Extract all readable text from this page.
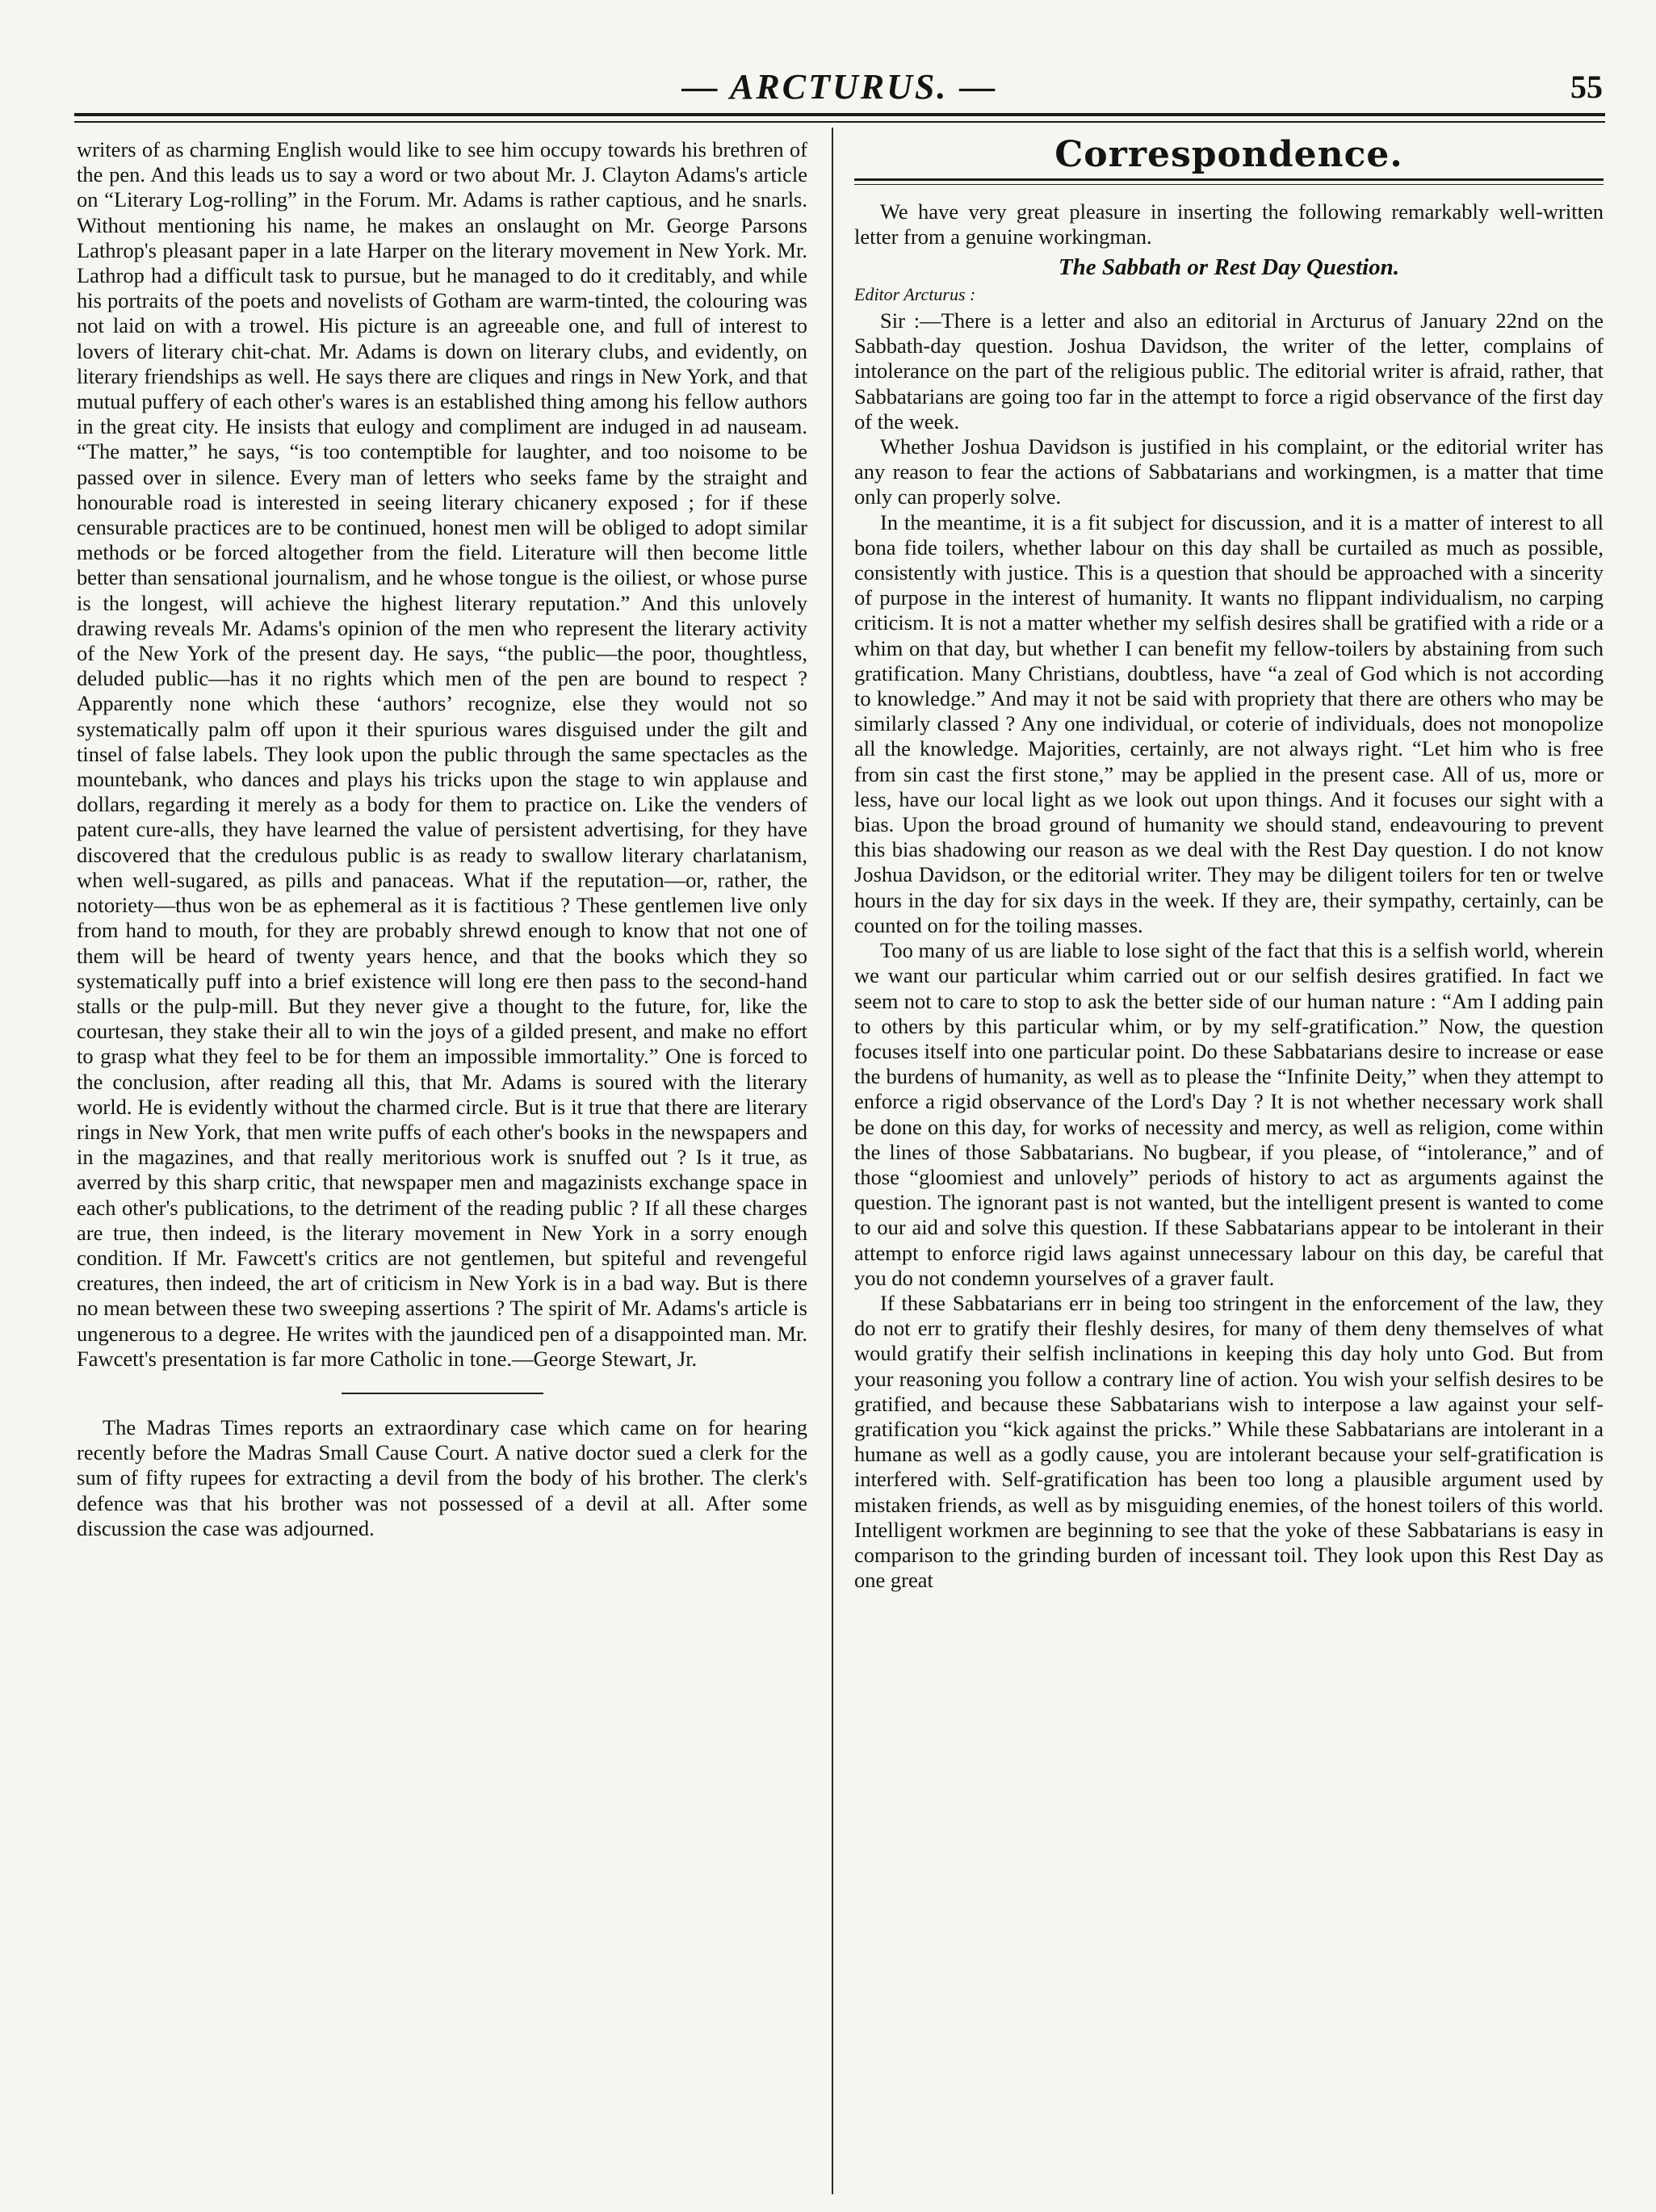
— ARCTURUS. —	55

writers of as charming English would like to see him occupy towards his brethren of the pen. And this leads us to say a word or two about Mr. J. Clayton Adams's article on “Literary Log-rolling” in the Forum. Mr. Adams is rather captious, and he snarls. Without mentioning his name, he makes an onslaught on Mr. George Parsons Lathrop's pleasant paper in a late Harper on the literary movement in New York. Mr. Lathrop had a difficult task to pursue, but he managed to do it creditably, and while his portraits of the poets and novelists of Gotham are warm-tinted, the colouring was not laid on with a trowel. His picture is an agreeable one, and full of interest to lovers of literary chit-chat. Mr. Adams is down on literary clubs, and evidently, on literary friendships as well. He says there are cliques and rings in New York, and that mutual puffery of each other's wares is an established thing among his fellow authors in the great city. He insists that eulogy and compliment are induged in ad nauseam. “The matter,” he says, “is too contemptible for laughter, and too noisome to be passed over in silence. Every man of letters who seeks fame by the straight and honourable road is interested in seeing literary chicanery exposed ; for if these censurable practices are to be continued, honest men will be obliged to adopt similar methods or be forced altogether from the field. Literature will then become little better than sensational journalism, and he whose tongue is the oiliest, or whose purse is the longest, will achieve the highest literary reputation.” And this unlovely drawing reveals Mr. Adams's opinion of the men who represent the literary activity of the New York of the present day. He says, “the public—the poor, thoughtless, deluded public—has it no rights which men of the pen are bound to respect ? Apparently none which these ‘authors’ recognize, else they would not so systematically palm off upon it their spurious wares disguised under the gilt and tinsel of false labels. They look upon the public through the same spectacles as the mountebank, who dances and plays his tricks upon the stage to win applause and dollars, regarding it merely as a body for them to practice on. Like the venders of patent cure-alls, they have learned the value of persistent advertising, for they have discovered that the credulous public is as ready to swallow literary charlatanism, when well-sugared, as pills and panaceas. What if the reputation—or, rather, the notoriety—thus won be as ephemeral as it is factitious ? These gentlemen live only from hand to mouth, for they are probably shrewd enough to know that not one of them will be heard of twenty years hence, and that the books which they so systematically puff into a brief existence will long ere then pass to the second-hand stalls or the pulp-mill. But they never give a thought to the future, for, like the courtesan, they stake their all to win the joys of a gilded present, and make no effort to grasp what they feel to be for them an impossible immortality.” One is forced to the conclusion, after reading all this, that Mr. Adams is soured with the literary world. He is evidently without the charmed circle. But is it true that there are literary rings in New York, that men write puffs of each other's books in the newspapers and in the magazines, and that really meritorious work is snuffed out ? Is it true, as averred by this sharp critic, that newspaper men and magazinists exchange space in each other's publications, to the detriment of the reading public ? If all these charges are true, then indeed, is the literary movement in New York in a sorry enough condition. If Mr. Fawcett's critics are not gentlemen, but spiteful and revengeful creatures, then indeed, the art of criticism in New York is in a bad way. But is there no mean between these two sweeping assertions ? The spirit of Mr. Adams's article is ungenerous to a degree. He writes with the jaundiced pen of a disappointed man. Mr. Fawcett's presentation is far more Catholic in tone.—George Stewart, Jr.

The Madras Times reports an extraordinary case which came on for hearing recently before the Madras Small Cause Court. A native doctor sued a clerk for the sum of fifty rupees for extracting a devil from the body of his brother. The clerk's defence was that his brother was not possessed of a devil at all. After some discussion the case was adjourned.

Correspondence.

We have very great pleasure in inserting the following remarkably well-written letter from a genuine workingman.

The Sabbath or Rest Day Question.
Editor Arcturus :

Sir :—There is a letter and also an editorial in Arcturus of January 22nd on the Sabbath-day question. Joshua Davidson, the writer of the letter, complains of intolerance on the part of the religious public. The editorial writer is afraid, rather, that Sabbatarians are going too far in the attempt to force a rigid observance of the first day of the week.

Whether Joshua Davidson is justified in his complaint, or the editorial writer has any reason to fear the actions of Sabbatarians and workingmen, is a matter that time only can properly solve.

In the meantime, it is a fit subject for discussion, and it is a matter of interest to all bona fide toilers, whether labour on this day shall be curtailed as much as possible, consistently with justice. This is a question that should be approached with a sincerity of purpose in the interest of humanity. It wants no flippant individualism, no carping criticism. It is not a matter whether my selfish desires shall be gratified with a ride or a whim on that day, but whether I can benefit my fellow-toilers by abstaining from such gratification. Many Christians, doubtless, have “a zeal of God which is not according to knowledge.” And may it not be said with propriety that there are others who may be similarly classed ? Any one individual, or coterie of individuals, does not monopolize all the knowledge. Majorities, certainly, are not always right. “Let him who is free from sin cast the first stone,” may be applied in the present case. All of us, more or less, have our local light as we look out upon things. And it focuses our sight with a bias. Upon the broad ground of humanity we should stand, endeavouring to prevent this bias shadowing our reason as we deal with the Rest Day question. I do not know Joshua Davidson, or the editorial writer. They may be diligent toilers for ten or twelve hours in the day for six days in the week. If they are, their sympathy, certainly, can be counted on for the toiling masses.

Too many of us are liable to lose sight of the fact that this is a selfish world, wherein we want our particular whim carried out or our selfish desires gratified. In fact we seem not to care to stop to ask the better side of our human nature : “Am I adding pain to others by this particular whim, or by my self-gratification.” Now, the question focuses itself into one particular point. Do these Sabbatarians desire to increase or ease the burdens of humanity, as well as to please the “Infinite Deity,” when they attempt to enforce a rigid observance of the Lord's Day ? It is not whether necessary work shall be done on this day, for works of necessity and mercy, as well as religion, come within the lines of those Sabbatarians. No bugbear, if you please, of “intolerance,” and of those “gloomiest and unlovely” periods of history to act as arguments against the question. The ignorant past is not wanted, but the intelligent present is wanted to come to our aid and solve this question. If these Sabbatarians appear to be intolerant in their attempt to enforce rigid laws against unnecessary labour on this day, be careful that you do not condemn yourselves of a graver fault.

If these Sabbatarians err in being too stringent in the enforcement of the law, they do not err to gratify their fleshly desires, for many of them deny themselves of what would gratify their selfish inclinations in keeping this day holy unto God. But from your reasoning you follow a contrary line of action. You wish your selfish desires to be gratified, and because these Sabbatarians wish to interpose a law against your self-gratification you “kick against the pricks.” While these Sabbatarians are intolerant in a humane as well as a godly cause, you are intolerant because your self-gratification is interfered with. Self-gratification has been too long a plausible argument used by mistaken friends, as well as by misguiding enemies, of the honest toilers of this world. Intelligent workmen are beginning to see that the yoke of these Sabbatarians is easy in comparison to the grinding burden of incessant toil. They look upon this Rest Day as one great
